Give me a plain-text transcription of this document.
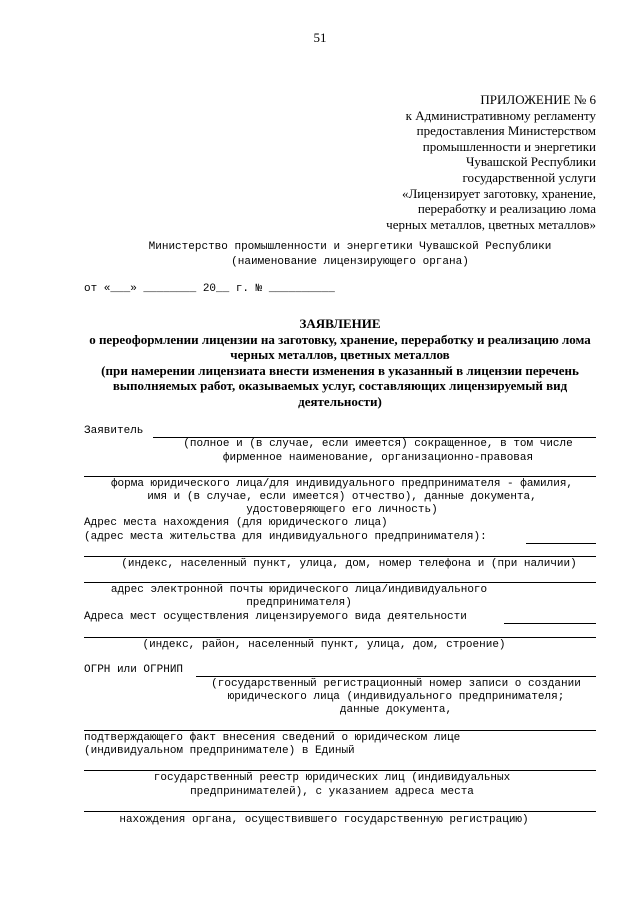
51
ПРИЛОЖЕНИЕ № 6
к Административному регламенту
предоставления Министерством
промышленности и энергетики
Чувашской Республики
государственной услуги
«Лицензирует заготовку, хранение,
переработку и реализацию лома
черных металлов, цветных металлов»
Министерство промышленности и энергетики Чувашской Республики
(наименование лицензирующего органа)
от «___» ________ 20__ г. № __________
ЗАЯВЛЕНИЕ
о переоформлении лицензии на заготовку, хранение, переработку и реализацию лома
черных металлов, цветных металлов
(при намерении лицензиата внести изменения в указанный в лицензии перечень
выполняемых работ, оказываемых услуг, составляющих лицензируемый вид
деятельности)
Заявитель
(полное и (в случае, если имеется) сокращенное, в том числе
фирменное наименование, организационно-правовая
форма юридического лица/для индивидуального предпринимателя - фамилия,
имя и (в случае, если имеется) отчество), данные документа,
удостоверяющего его личность)
Адрес места нахождения (для юридического лица)
(адрес места жительства для индивидуального предпринимателя):
(индекс, населенный пункт, улица, дом, номер телефона и (при наличии)
адрес электронной почты юридического лица/индивидуального
предпринимателя)
Адреса мест осуществления лицензируемого вида деятельности
(индекс, район, населенный пункт, улица, дом, строение)
ОГРН или ОГРНИП
(государственный регистрационный номер записи о создании
юридического лица (индивидуального предпринимателя;
данные документа,
подтверждающего факт внесения сведений о юридическом лице
(индивидуальном предпринимателе) в Единый
государственный реестр юридических лиц (индивидуальных
предпринимателей), с указанием адреса места
нахождения органа, осуществившего государственную регистрацию)
